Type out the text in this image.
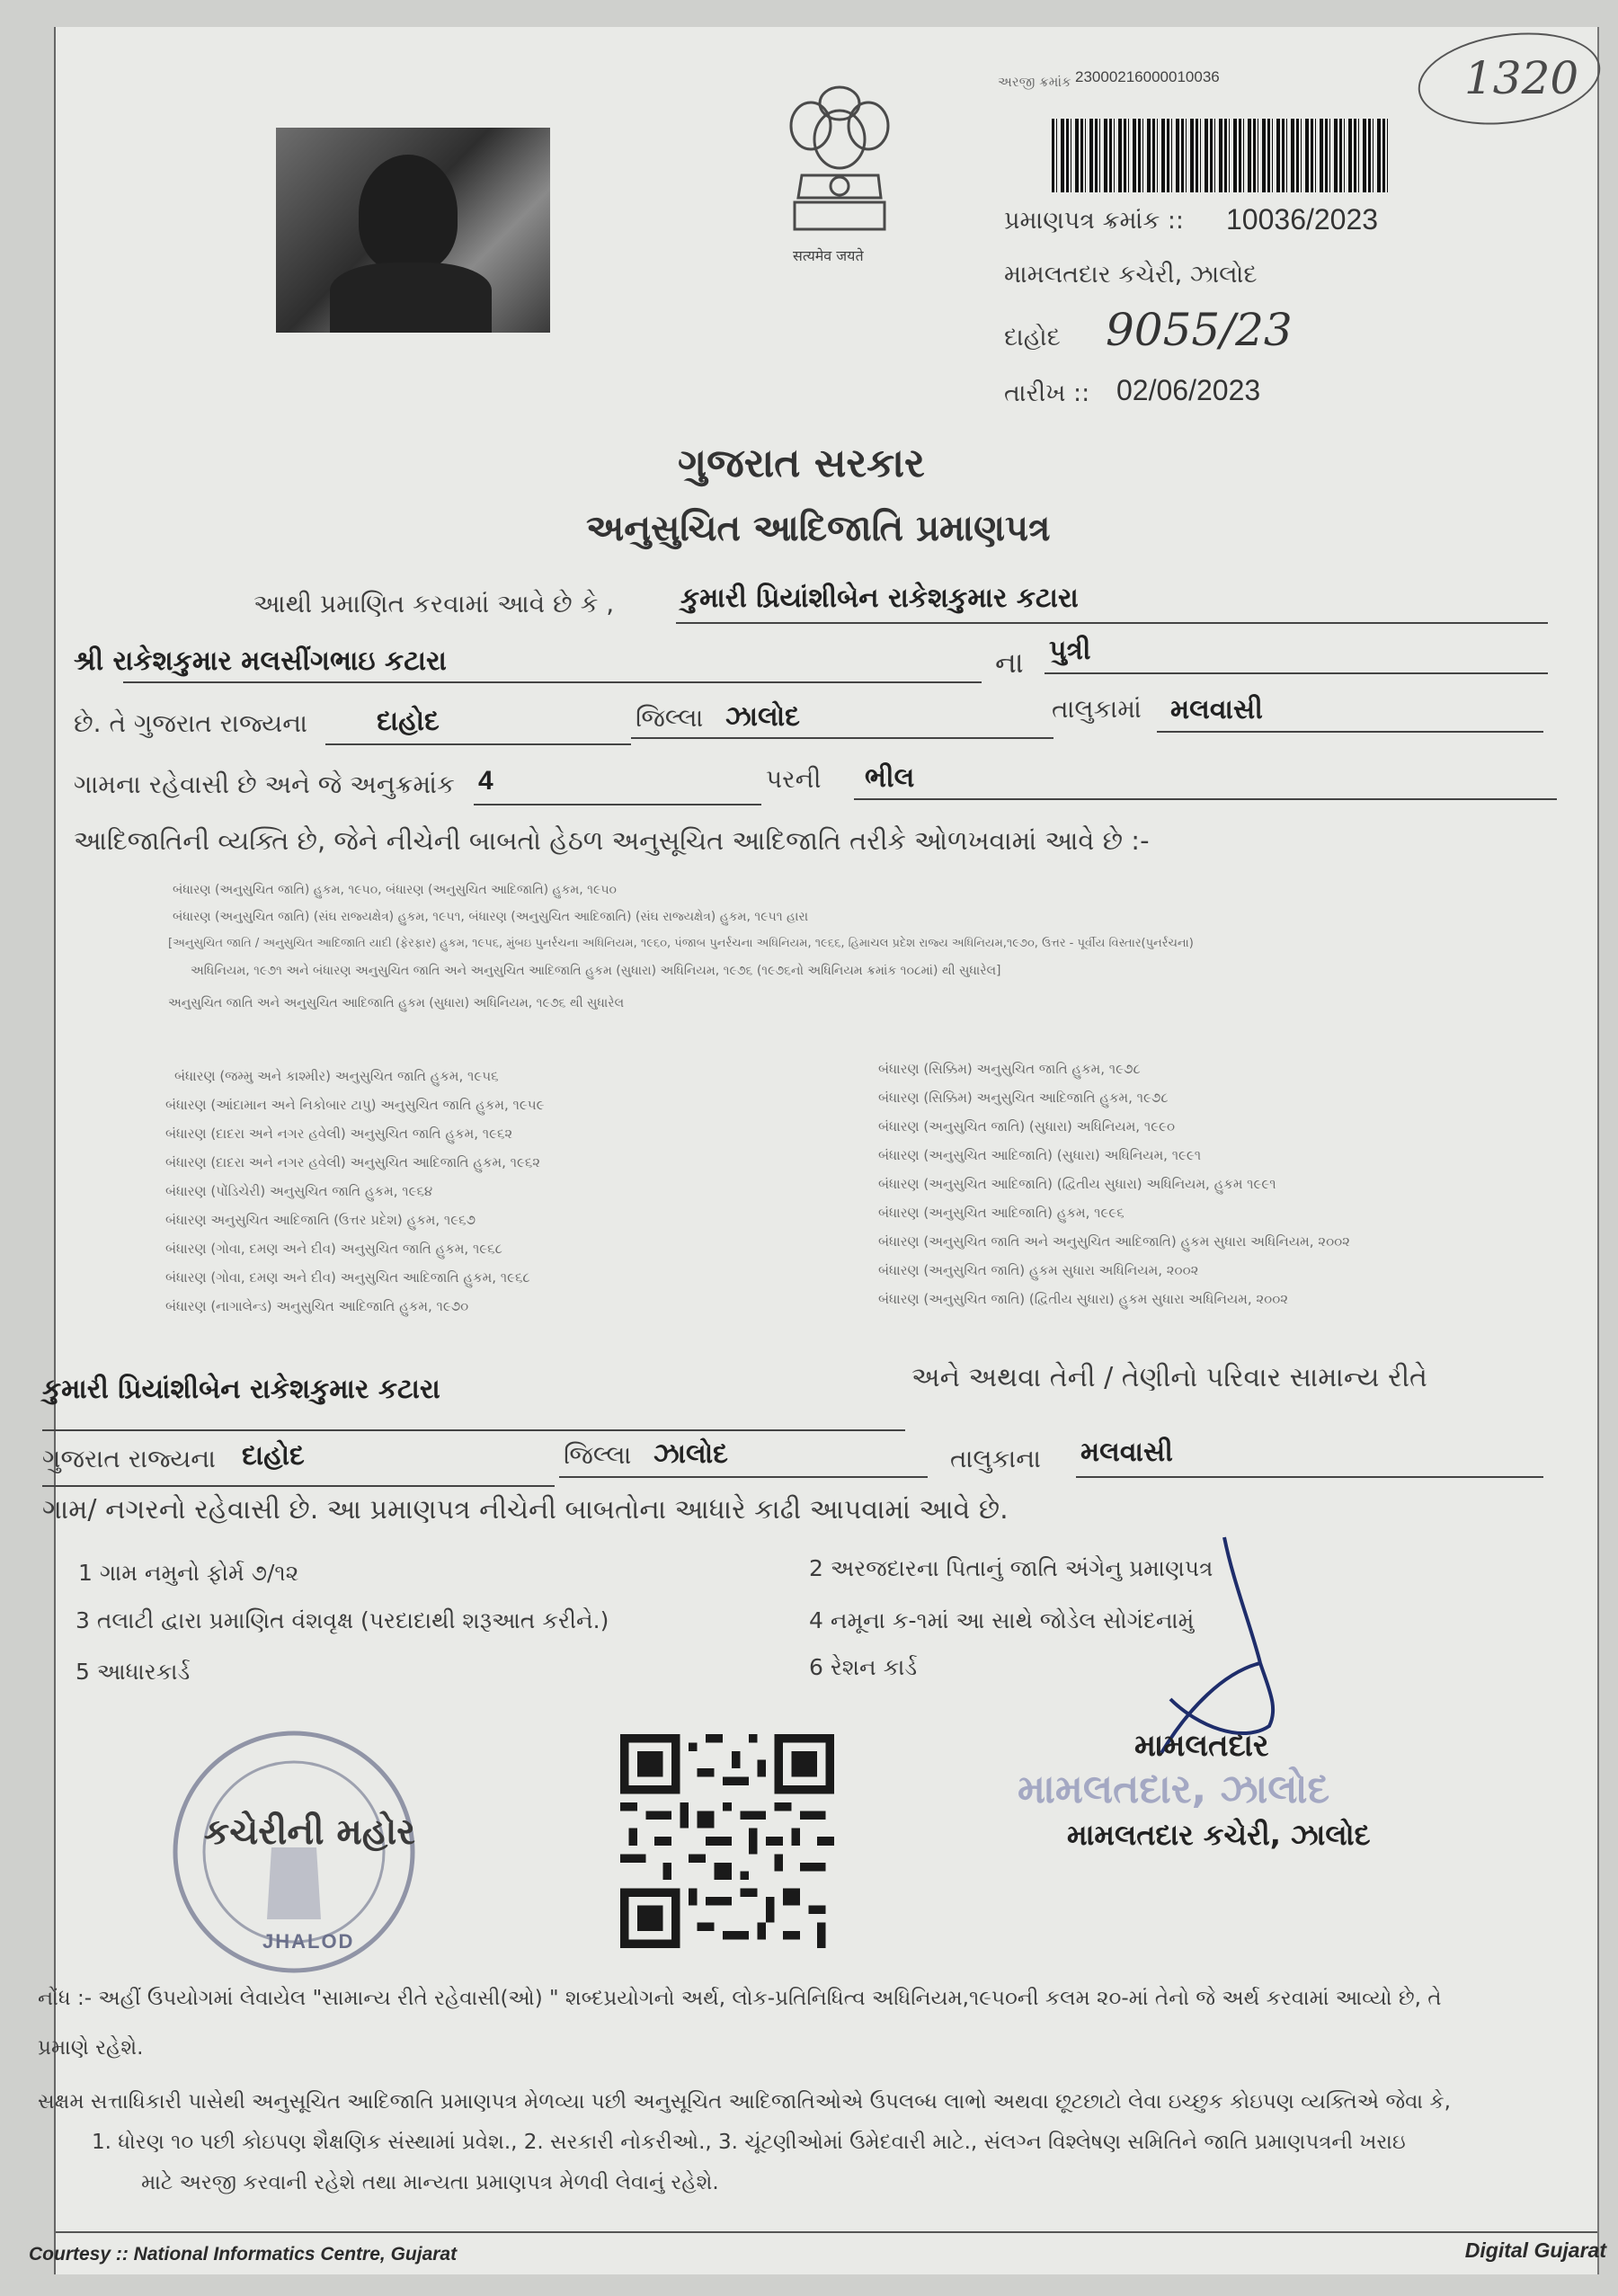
सत्यमेव जयते
અરજી ક્રમાંક 23000216000010036	1320
પ્રમાણપત્ર ક્રમાંક :: 10036/2023
મામલતદાર કચેરી, ઝાલોદ
દાહોદ 9055/23
તારીખ :: 02/06/2023
ગુજરાત સરકાર
અનુસુચિત આદિજાતિ પ્રમાણપત્ર
આથી પ્રમાણિત કરવામાં આવે છે કે , કુમારી પ્રિયાંશીબેન રાકેશકુમાર કટારા
શ્રી રાકેશકુમાર મલસીંગભાઇ કટારા	ના પુત્રી
છે. તે ગુજરાત રાજ્યના	દાહોદ	જિલ્લા ઝાલોદ	તાલુકામાં મલવાસી
ગામના રહેવાસી છે અને જે અનુક્રમાંક 4	પરની ભીલ
આદિજાતિની વ્યક્તિ છે, જેને નીચેની બાબતો હેઠળ અનુસૂચિત આદિજાતિ તરીકે ઓળખવામાં આવે છે :-
બંધારણ (અનુસુચિત જાતિ) હુકમ, ૧૯૫૦, બંધારણ (અનુસુચિત આદિજાતિ) હુકમ, ૧૯૫૦
બંધારણ (અનુસુચિત જાતિ) (સંઘ રાજ્યક્ષેત્ર) હુકમ, ૧૯૫૧, બંધારણ (અનુસુચિત આદિજાતિ) (સંઘ રાજ્યક્ષેત્ર) હુકમ, ૧૯૫૧ હારા
[અનુસુચિત જાતિ / અનુસુચિત આદિજાતિ યાદી (ફેરફાર) હુકમ, ૧૯૫૬, મુંબઇ પુનર્રચના અધિનિયમ, ૧૯૬૦, પંજાબ પુનર્રચના અધિનિયમ, ૧૯૬૬, હિમાચલ પ્રદેશ રાજ્ય અધિનિયમ,૧૯૭૦, ઉત્તર - પૂર્વીય વિસ્તાર(પુનર્રચના)
અધિનિયમ, ૧૯૭૧ અને બંધારણ અનુસુચિત જાતિ અને અનુસુચિત આદિજાતિ હુકમ (સુધારા) અધિનિયમ, ૧૯૭૬ (૧૯૭૬નો અધિનિયમ ક્રમાંક ૧૦૮માં) થી સુધારેલ]
અનુસુચિત જાતિ અને અનુસુચિત આદિજાતિ હુકમ (સુધારા) અધિનિયમ, ૧૯૭૬ થી સુધારેલ
બંધારણ (જમ્મુ અને કાશ્મીર) અનુસુચિત જાતિ હુકમ, ૧૯૫૬
બંધારણ (આંદામાન અને નિકોબાર ટાપુ) અનુસુચિત જાતિ હુકમ, ૧૯૫૯
બંધારણ (દાદરા અને નગર હવેલી) અનુસુચિત જાતિ હુકમ, ૧૯૬૨
બંધારણ (દાદરા અને નગર હવેલી) અનુસુચિત આદિજાતિ હુકમ, ૧૯૬૨
બંધારણ (પોંડિચેરી) અનુસુચિત જાતિ હુકમ, ૧૯૬૪
બંધારણ અનુસુચિત આદિજાતિ (ઉત્તર પ્રદેશ) હુકમ, ૧૯૬૭
બંધારણ (ગોવા, દમણ અને દીવ) અનુસુચિત જાતિ હુકમ, ૧૯૬૮
બંધારણ (ગોવા, દમણ અને દીવ) અનુસુચિત આદિજાતિ હુકમ, ૧૯૬૮
બંધારણ (નાગાલેન્ડ) અનુસુચિત આદિજાતિ હુકમ, ૧૯૭૦
બંધારણ (સિક્કિમ) અનુસુચિત જાતિ હુકમ, ૧૯૭૮
બંધારણ (સિક્કિમ) અનુસુચિત આદિજાતિ હુકમ, ૧૯૭૮
બંધારણ (અનુસુચિત જાતિ) (સુધારા) અધિનિયમ, ૧૯૯૦
બંધારણ (અનુસુચિત આદિજાતિ) (સુધારા) અધિનિયમ, ૧૯૯૧
બંધારણ (અનુસુચિત આદિજાતિ) (દ્વિતીય સુધારા) અધિનિયમ, હુકમ ૧૯૯૧
બંધારણ (અનુસુચિત આદિજાતિ) હુકમ, ૧૯૯૬
બંધારણ (અનુસુચિત જાતિ અને અનુસુચિત આદિજાતિ) હુકમ સુધારા અધિનિયમ, ૨૦૦૨
બંધારણ (અનુસુચિત જાતિ) હુકમ સુધારા અધિનિયમ, ૨૦૦૨
બંધારણ (અનુસુચિત જાતિ) (દ્વિતીય સુધારા) હુકમ સુધારા અધિનિયમ, ૨૦૦૨
કુમારી પ્રિયાંશીબેન રાકેશકુમાર કટારા	અને અથવા તેની / તેણીનો પરિવાર સામાન્ય રીતે
ગુજરાત રાજ્યના દાહોદ	જિલ્લા ઝાલોદ	તાલુકાના મલવાસી
ગામ/ નગરનો રહેવાસી છે. આ પ્રમાણપત્ર નીચેની બાબતોના આધારે કાઢી આપવામાં આવે છે.
1 ગામ નમુનો ફોર્મ ૭/૧૨	2 અરજદારના પિતાનું જાતિ અંગેનુ પ્રમાણપત્ર
3 તલાટી દ્વારા પ્રમાણિત વંશવૃક્ષ (પરદાદાથી શરૂઆત કરીને.)	4 નમૂના ક-૧માં આ સાથે જોડેલ સોગંદનામું
5 આધારકાર્ડ	6 રેશન કાર્ડ
કચેરીની મહોર
JHALOD
મામલતદાર
મામલતદાર, ઝાલોદ
મામલતદાર કચેરી, ઝાલોદ
નોંધ :- અહીં ઉપયોગમાં લેવાયેલ "સામાન્ય રીતે રહેવાસી(ઓ) " શબ્દપ્રયોગનો અર્થ, લોક-પ્રતિનિધિત્વ અધિનિયમ,૧૯૫૦ની કલમ ૨૦-માં તેનો જે અર્થ કરવામાં આવ્યો છે, તે
પ્રમાણે રહેશે.
સક્ષમ સત્તાધિકારી પાસેથી અનુસૂચિત આદિજાતિ પ્રમાણપત્ર મેળવ્યા પછી અનુસૂચિત આદિજાતિઓએ ઉપલબ્ધ લાભો અથવા છૂટછાટો લેવા ઇચ્છુક કોઇપણ વ્યક્તિએ જેવા કે,
1. ધોરણ ૧૦ પછી કોઇપણ શૈક્ષણિક સંસ્થામાં પ્રવેશ., 2. સરકારી નોકરીઓ., 3. ચૂંટણીઓમાં ઉમેદવારી માટે., સંલગ્ન વિશ્લેષણ સમિતિને જાતિ પ્રમાણપત્રની ખરાઇ
માટે અરજી કરવાની રહેશે તથા માન્યતા પ્રમાણપત્ર મેળવી લેવાનું રહેશે.
Courtesy :: National Informatics Centre, Gujarat	Digital Gujarat
